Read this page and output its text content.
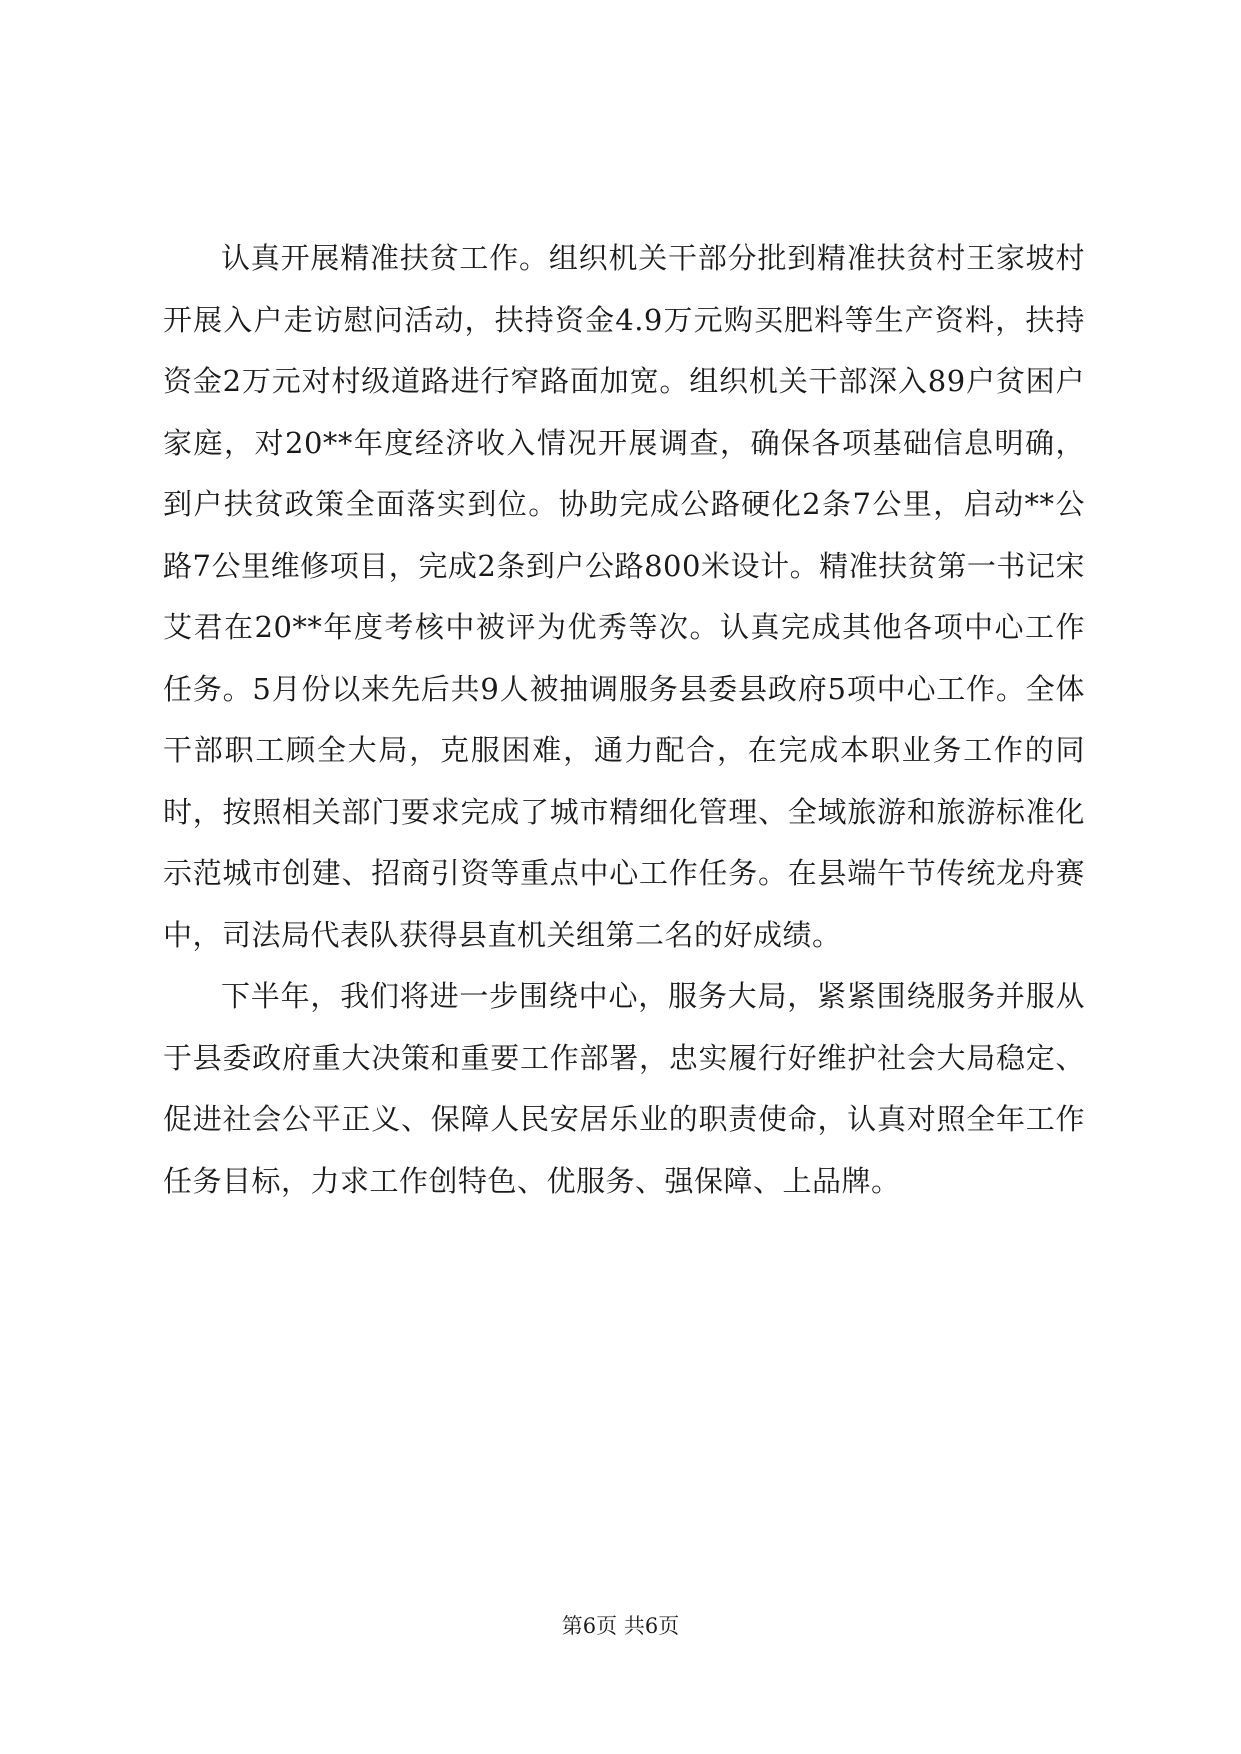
认真开展精准扶贫工作。组织机关干部分批到精准扶贫村王家坡村开展入户走访慰问活动，扶持资金4.9万元购买肥料等生产资料，扶持资金2万元对村级道路进行窄路面加宽。组织机关干部深入89户贫困户家庭，对20**年度经济收入情况开展调查，确保各项基础信息明确，到户扶贫政策全面落实到位。协助完成公路硬化2条7公里，启动**公路7公里维修项目，完成2条到户公路800米设计。精准扶贫第一书记宋艾君在20**年度考核中被评为优秀等次。认真完成其他各项中心工作任务。5月份以来先后共9人被抽调服务县委县政府5项中心工作。全体干部职工顾全大局，克服困难，通力配合，在完成本职业务工作的同时，按照相关部门要求完成了城市精细化管理、全域旅游和旅游标准化示范城市创建、招商引资等重点中心工作任务。在县端午节传统龙舟赛中，司法局代表队获得县直机关组第二名的好成绩。

下半年，我们将进一步围绕中心，服务大局，紧紧围绕服务并服从于县委政府重大决策和重要工作部署，忠实履行好维护社会大局稳定、促进社会公平正义、保障人民安居乐业的职责使命，认真对照全年工作任务目标，力求工作创特色、优服务、强保障、上品牌。

第6页 共6页
